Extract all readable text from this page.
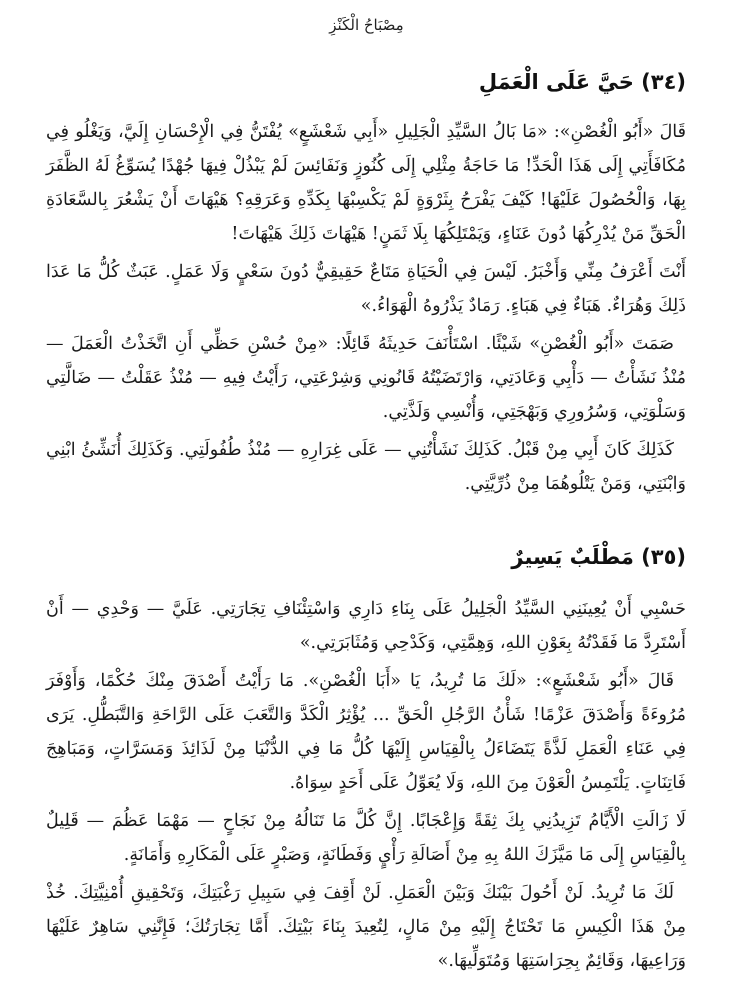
مِصْبَاحُ الْكَنْزِ
(٣٤) حَيَّ عَلَى الْعَمَلِ

قَالَ «أَبُو الْغُصْنِ»: «مَا بَالُ السَّيِّدِ الْجَلِيلِ «أَبِي شَعْشَعٍ» يُفْتَنُّ فِي الْإِحْسَانِ إِلَيَّ، وَيَغْلُو فِي مُكَافَأَتِي إِلَى هَذَا الْحَدِّ! مَا حَاجَةُ مِثْلِي إِلَى كُنُوزٍ وَنَفَائِسَ لَمْ يَبْذُلْ فِيهَا جُهْدًا يُسَوِّغُ لَهُ الظَّفَرَ بِهَا، وَالْحُصُولَ عَلَيْهَا! كَيْفَ يَفْرَحُ بِثَرْوَةٍ لَمْ يَكْسِبْهَا بِكَدِّهِ وَعَرَقِهِ؟ هَيْهَاتَ أَنْ يَشْعُرَ بِالسَّعَادَةِ الْحَقِّ مَنْ يُدْرِكُهَا دُونَ عَنَاءٍ، وَيَمْتَلِكُهَا بِلَا ثَمَنٍ! هَيْهَاتَ ذَلِكَ هَيْهَاتَ!

أَنْتَ أَعْرَفُ مِنِّي وَأَخْبَرُ. لَيْسَ فِي الْحَيَاةِ مَتَاعٌ حَقِيقِيٌّ دُونَ سَعْيٍ وَلَا عَمَلٍ. عَبَثٌ كُلُّ مَا عَدَا ذَلِكَ وَهُرَاءٌ. هَبَاءٌ فِي هَبَاءٍ. رَمَادٌ يَذْرُوهُ الْهَوَاءُ.»

صَمَتَ «أَبُو الْغُصْنِ» شَيْئًا. اسْتَأْنَفَ حَدِيثَهُ قَائِلًا: «مِنْ حُسْنِ حَظِّي أَنِ اتَّخَذْتُ الْعَمَلَ — مُنْذُ نَشَأْتُ — دَأْبِي وَعَادَتِي، وَارْتَضَيْتُهُ قَانُونِي وَشِرْعَتِي، رَأَيْتُ فِيهِ — مُنْذُ عَقَلْتُ — ضَالَّتِي وَسَلْوَتِي، وَسُرُورِي وَبَهْجَتِي، وَأُنْسِي وَلَذَّتِي.

كَذَلِكَ كَانَ أَبِي مِنْ قَبْلُ. كَذَلِكَ نَشَأْتُنِي — عَلَى غِرَارِهِ — مُنْذُ طُفُولَتِي. وَكَذَلِكَ أُنَشِّئُ ابْنِي وَابْنَتِي، وَمَنْ يَتْلُوهُمَا مِنْ ذُرِّيَّتِي.

(٣٥) مَطْلَبٌ يَسِيرٌ

حَسْبِي أَنْ يُعِينَنِي السَّيِّدُ الْجَلِيلُ عَلَى بِنَاءِ دَارِي وَاسْتِئْنَافِ تِجَارَتِي. عَلَيَّ — وَحْدِي — أَنْ أَسْتَرِدَّ مَا فَقَدْتُهُ بِعَوْنِ اللهِ، وَهِمَّتِي، وَكَدْحِي وَمُثَابَرَتِي.»

قَالَ «أَبُو شَعْشَعٍ»: «لَكَ مَا تُرِيدُ، يَا «أَبَا الْغُصْنِ». مَا رَأَيْتُ أَصْدَقَ مِنْكَ حُكْمًا، وَأَوْفَرَ مُرُوءَةً وَأَصْدَقَ عَزْمًا! شَأْنُ الرَّجُلِ الْحَقِّ ... يُؤْثِرُ الْكَدَّ وَالتَّعَبَ عَلَى الرَّاحَةِ وَالتَّبَطُّلِ. يَرَى فِي عَنَاءِ الْعَمَلِ لَذَّةً يَتَضَاءَلُ بِالْقِيَاسِ إِلَيْهَا كُلُّ مَا فِي الدُّنْيَا مِنْ لَذَائِذَ وَمَسَرَّاتٍ، وَمَبَاهِجَ فَاتِنَاتٍ. يَلْتَمِسُ الْعَوْنَ مِنَ اللهِ، وَلَا يُعَوِّلُ عَلَى أَحَدٍ سِوَاهُ.

لَا زَالَتِ الْأَيَّامُ تَزِيدُنِي بِكَ ثِقَةً وَإِعْجَابًا. إِنَّ كُلَّ مَا تَنَالُهُ مِنْ نَجَاحٍ — مَهْمَا عَظُمَ — قَلِيلٌ بِالْقِيَاسِ إِلَى مَا مَيَّزَكَ اللهُ بِهِ مِنْ أَصَالَةِ رَأْيٍ وَفَطَانَةٍ، وَصَبْرٍ عَلَى الْمَكَارِهِ وَأَمَانَةٍ.

لَكَ مَا تُرِيدُ. لَنْ أَحُولَ بَيْنَكَ وَبَيْنَ الْعَمَلِ. لَنْ أَقِفَ فِي سَبِيلِ رَغْبَتِكَ، وَتَحْقِيقِ أُمْنِيَّتِكَ. خُذْ مِنْ هَذَا الْكِيسِ مَا تَحْتَاجُ إِلَيْهِ مِنْ مَالٍ، لِتُعِيدَ بِنَاءَ بَيْتِكَ. أَمَّا تِجَارَتُكَ؛ فَإِنَّنِي سَاهِرٌ عَلَيْهَا وَرَاعِيهَا، وَقَائِمٌ بِحِرَاسَتِهَا وَمُتَوَلِّيهَا.»
